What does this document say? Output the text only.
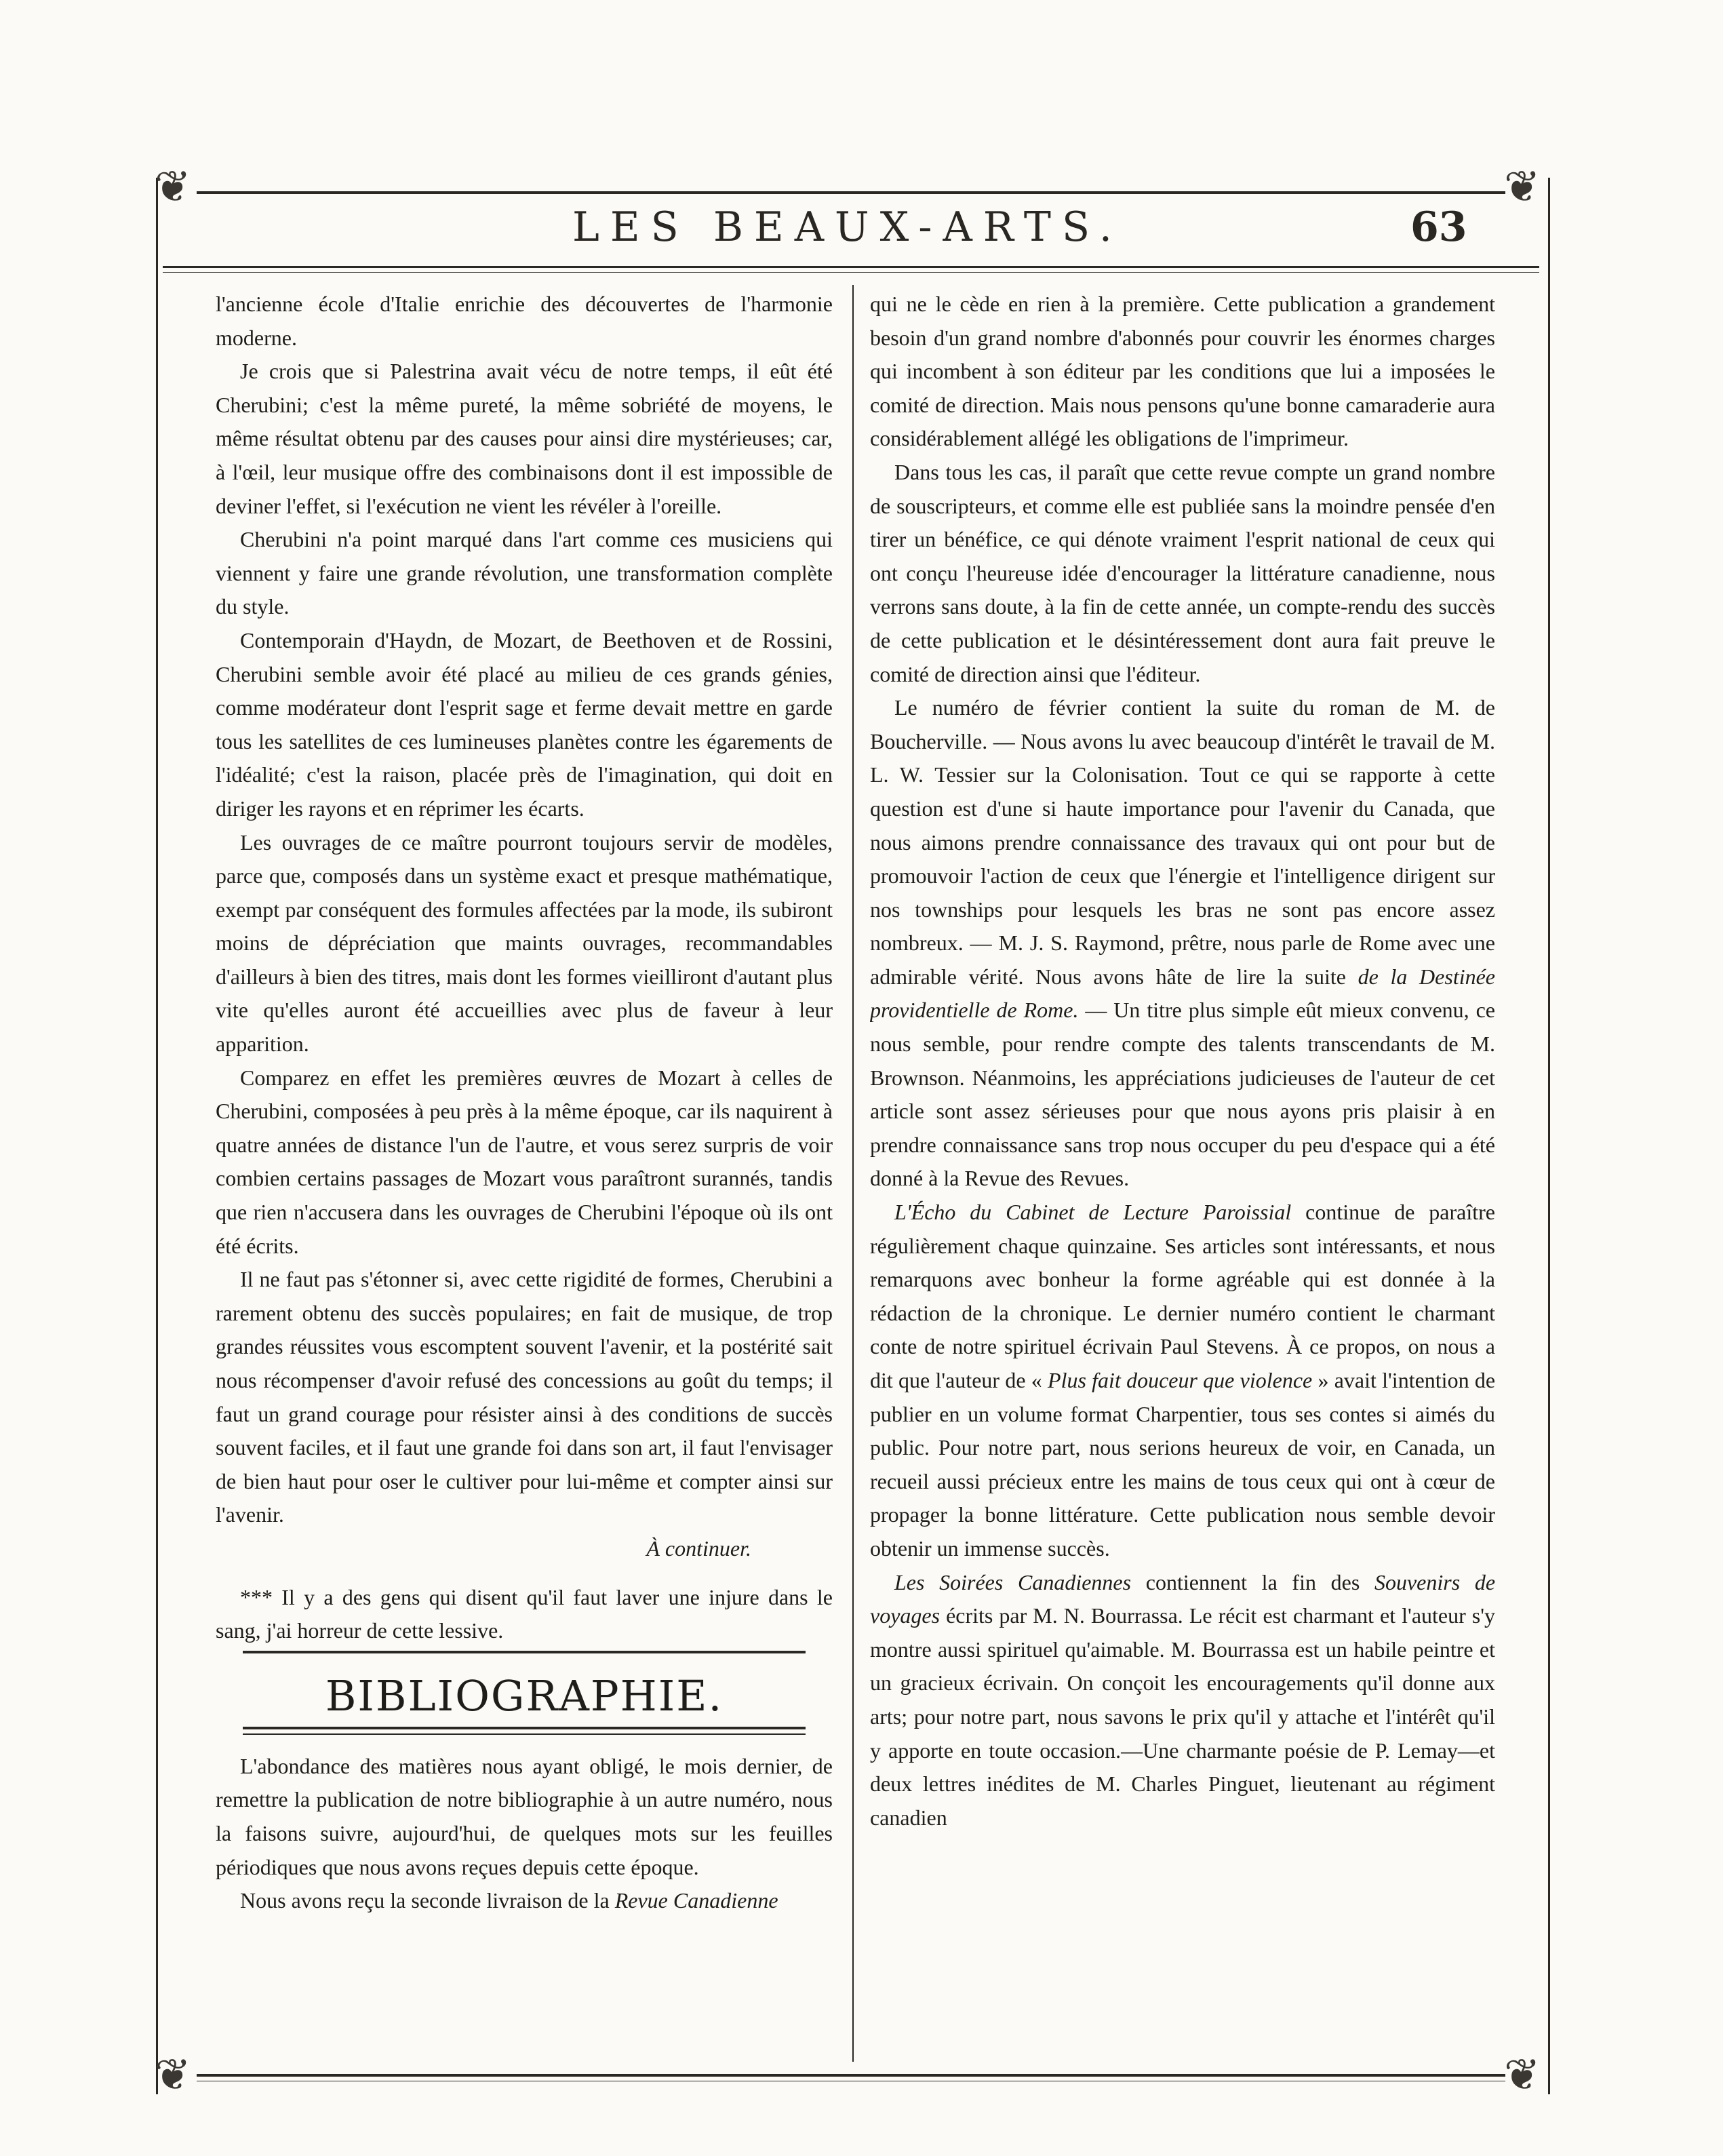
❦	❦
❦	❦
LES BEAUX-ARTS.	63

l'ancienne école d'Italie enrichie des découvertes de l'harmonie moderne.

Je crois que si Palestrina avait vécu de notre temps, il eût été Cherubini; c'est la même pureté, la même sobriété de moyens, le même résultat obtenu par des causes pour ainsi dire mystérieuses; car, à l'œil, leur musique offre des combinaisons dont il est impossible de deviner l'effet, si l'exécution ne vient les révéler à l'oreille.

Cherubini n'a point marqué dans l'art comme ces musiciens qui viennent y faire une grande révolution, une transformation complète du style.

Contemporain d'Haydn, de Mozart, de Beethoven et de Rossini, Cherubini semble avoir été placé au milieu de ces grands génies, comme modérateur dont l'esprit sage et ferme devait mettre en garde tous les satellites de ces lumineuses planètes contre les égarements de l'idéalité; c'est la raison, placée près de l'imagination, qui doit en diriger les rayons et en réprimer les écarts.

Les ouvrages de ce maître pourront toujours servir de modèles, parce que, composés dans un système exact et presque mathématique, exempt par conséquent des formules affectées par la mode, ils subiront moins de dépréciation que maints ouvrages, recommandables d'ailleurs à bien des titres, mais dont les formes vieilliront d'autant plus vite qu'elles auront été accueillies avec plus de faveur à leur apparition.

Comparez en effet les premières œuvres de Mozart à celles de Cherubini, composées à peu près à la même époque, car ils naquirent à quatre années de distance l'un de l'autre, et vous serez surpris de voir combien certains passages de Mozart vous paraîtront surannés, tandis que rien n'accusera dans les ouvrages de Cherubini l'époque où ils ont été écrits.

Il ne faut pas s'étonner si, avec cette rigidité de formes, Cherubini a rarement obtenu des succès populaires; en fait de musique, de trop grandes réussites vous escomptent souvent l'avenir, et la postérité sait nous récompenser d'avoir refusé des concessions au goût du temps; il faut un grand courage pour résister ainsi à des conditions de succès souvent faciles, et il faut une grande foi dans son art, il faut l'envisager de bien haut pour oser le cultiver pour lui-même et compter ainsi sur l'avenir.

À continuer.

*** Il y a des gens qui disent qu'il faut laver une injure dans le sang, j'ai horreur de cette lessive.

BIBLIOGRAPHIE.

L'abondance des matières nous ayant obligé, le mois dernier, de remettre la publication de notre bibliographie à un autre numéro, nous la faisons suivre, aujourd'hui, de quelques mots sur les feuilles périodiques que nous avons reçues depuis cette époque.

Nous avons reçu la seconde livraison de la Revue Canadienne

qui ne le cède en rien à la première. Cette publication a grandement besoin d'un grand nombre d'abonnés pour couvrir les énormes charges qui incombent à son éditeur par les conditions que lui a imposées le comité de direction. Mais nous pensons qu'une bonne camaraderie aura considérablement allégé les obligations de l'imprimeur.

Dans tous les cas, il paraît que cette revue compte un grand nombre de souscripteurs, et comme elle est publiée sans la moindre pensée d'en tirer un bénéfice, ce qui dénote vraiment l'esprit national de ceux qui ont conçu l'heureuse idée d'encourager la littérature canadienne, nous verrons sans doute, à la fin de cette année, un compte-rendu des succès de cette publication et le désintéressement dont aura fait preuve le comité de direction ainsi que l'éditeur.

Le numéro de février contient la suite du roman de M. de Boucherville. — Nous avons lu avec beaucoup d'intérêt le travail de M. L. W. Tessier sur la Colonisation. Tout ce qui se rapporte à cette question est d'une si haute importance pour l'avenir du Canada, que nous aimons prendre connaissance des travaux qui ont pour but de promouvoir l'action de ceux que l'énergie et l'intelligence dirigent sur nos townships pour lesquels les bras ne sont pas encore assez nombreux. — M. J. S. Raymond, prêtre, nous parle de Rome avec une admirable vérité. Nous avons hâte de lire la suite de la Destinée providentielle de Rome. — Un titre plus simple eût mieux convenu, ce nous semble, pour rendre compte des talents transcendants de M. Brownson. Néanmoins, les appréciations judicieuses de l'auteur de cet article sont assez sérieuses pour que nous ayons pris plaisir à en prendre connaissance sans trop nous occuper du peu d'espace qui a été donné à la Revue des Revues.

L'Écho du Cabinet de Lecture Paroissial continue de paraître régulièrement chaque quinzaine. Ses articles sont intéressants, et nous remarquons avec bonheur la forme agréable qui est donnée à la rédaction de la chronique. Le dernier numéro contient le charmant conte de notre spirituel écrivain Paul Stevens. À ce propos, on nous a dit que l'auteur de « Plus fait douceur que violence » avait l'intention de publier en un volume format Charpentier, tous ses contes si aimés du public. Pour notre part, nous serions heureux de voir, en Canada, un recueil aussi précieux entre les mains de tous ceux qui ont à cœur de propager la bonne littérature. Cette publication nous semble devoir obtenir un immense succès.

Les Soirées Canadiennes contiennent la fin des Souvenirs de voyages écrits par M. N. Bourrassa. Le récit est charmant et l'auteur s'y montre aussi spirituel qu'aimable. M. Bourrassa est un habile peintre et un gracieux écrivain. On conçoit les encouragements qu'il donne aux arts; pour notre part, nous savons le prix qu'il y attache et l'intérêt qu'il y apporte en toute occasion.—Une charmante poésie de P. Lemay—et deux lettres inédites de M. Charles Pinguet, lieutenant au régiment canadien
